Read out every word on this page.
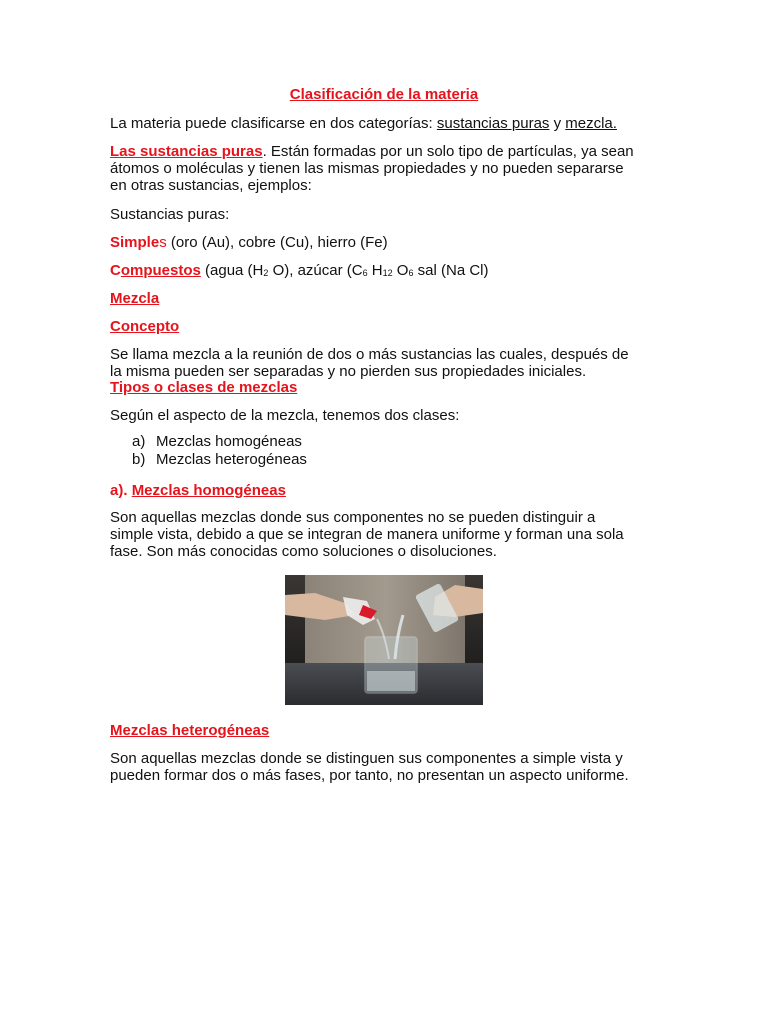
Clasificación de la materia

La materia puede clasificarse en dos categorías: sustancias puras y mezcla.

Las sustancias puras. Están formadas por un solo tipo de partículas, ya sean
átomos o moléculas y tienen las mismas propiedades y no pueden separarse
en otras sustancias, ejemplos:

Sustancias puras:

Simples (oro (Au), cobre (Cu), hierro (Fe)

Compuestos (agua ($H_2$ O), azúcar ($C_6$ $H_{12}$ $O_6$ sal (Na Cl)

Mezcla

Concepto

Se llama mezcla a la reunión de dos o más sustancias las cuales, después de
la misma pueden ser separadas y no pierden sus propiedades iniciales.

Tipos o clases de mezclas

Según el aspecto de la mezcla, tenemos dos clases:

a) Mezclas homogéneas
b) Mezclas heterogéneas

a). Mezclas homogéneas

Son aquellas mezclas donde sus componentes no se pueden distinguir a
simple vista, debido a que se integran de manera uniforme y forman una sola
fase. Son más conocidas como soluciones o disoluciones.

Mezclas heterogéneas

Son aquellas mezclas donde se distinguen sus componentes a simple vista y
pueden formar dos o más fases, por tanto, no presentan un aspecto uniforme.
